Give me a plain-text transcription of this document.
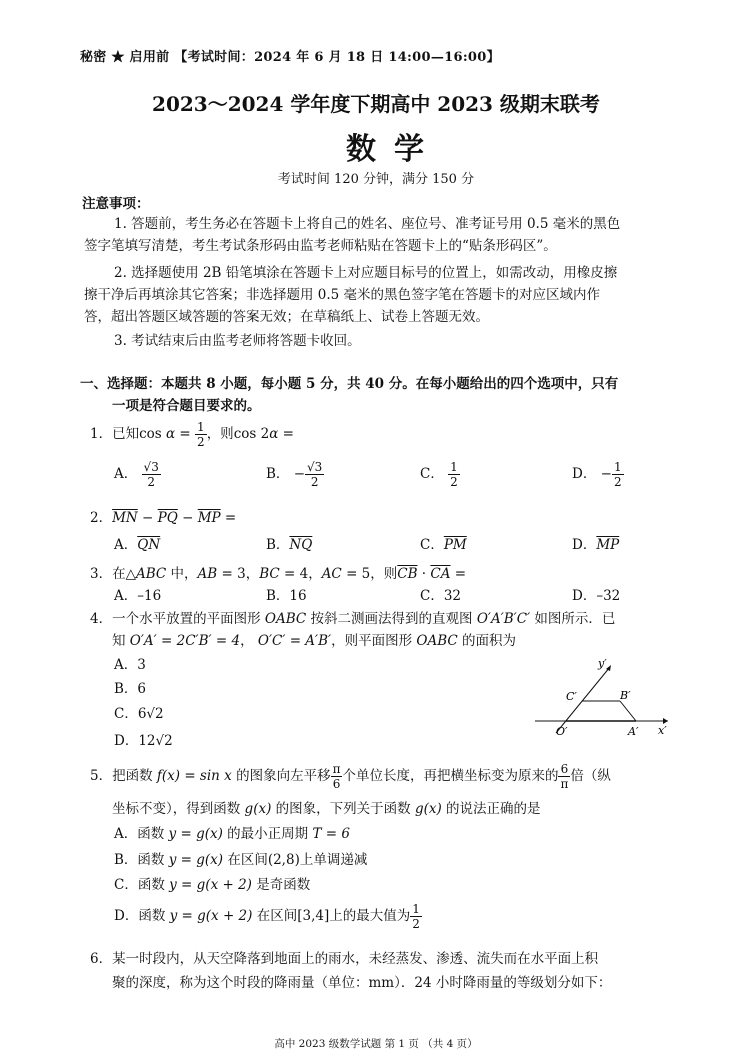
秘密 ★ 启用前 【考试时间：2024 年 6 月 18 日 14:00—16:00】
2023～2024 学年度下期高中 2023 级期末联考
数学
考试时间 120 分钟，满分 150 分
注意事项：
1. 答题前，考生务必在答题卡上将自己的姓名、座位号、准考证号用 0.5 毫米的黑色
签字笔填写清楚，考生考试条形码由监考老师粘贴在答题卡上的“贴条形码区”。
2. 选择题使用 2B 铅笔填涂在答题卡上对应题目标号的位置上，如需改动，用橡皮擦
擦干净后再填涂其它答案；非选择题用 0.5 毫米的黑色签字笔在答题卡的对应区域内作
答，超出答题区域答题的答案无效；在草稿纸上、试卷上答题无效。
3. 考试结束后由监考老师将答题卡收回。
一、选择题：本题共 8 小题，每小题 5 分，共 40 分。在每小题给出的四个选项中，只有
一项是符合题目要求的。
1．已知$\cos \alpha = \frac{1}{2}$ ，则cos 2α =
A． $\frac{√3}{2}$	B． − $\frac{√3}{2}$	C． $\frac{1}{2}$	D． − $\frac{1}{2}$
2．$\overline{MN} - \overline{PQ} - \overline{MP}$ =
A．$\overline{QN}$	B．$\overline{NQ}$	C．$\overline{PM}$	D．$\overline{MP}$
3．在△ABC 中，AB = 3，BC = 4，AC = 5，则$\overline{CB} \cdot \overline{CA}$ =
A．–16	B．16	C．32	D．–32
4．一个水平放置的平面图形 OABC 按斜二测画法得到的直观图 O′A′B′C′ 如图所示．已
知 O′A′ = 2C′B′ = 4， O′C′ = A′B′，则平面图形 OABC 的面积为
A．3
B．6
C．6√2
D．12√2
y′
x′
C′	B′
O′	A′
5．把函数 f(x) = sin x 的图象向左平移 $\frac{\pi}{6}$ 个单位长度，再把横坐标变为原来的 $\frac{6}{\pi}$ 倍（纵
坐标不变），得到函数 g(x) 的图象，下列关于函数 g(x) 的说法正确的是
A．函数 y = g(x) 的最小正周期 T = 6
B．函数 y = g(x) 在区间(2,8)上单调递减
C．函数 y = g(x + 2) 是奇函数
D．函数 y = g(x + 2) 在区间[3,4]上的最大值为 $\frac{1}{2}$
6．某一时段内，从天空降落到地面上的雨水，未经蒸发、渗透、流失而在水平面上积
聚的深度，称为这个时段的降雨量（单位：mm）．24 小时降雨量的等级划分如下：
高中 2023 级数学试题 第 1 页 （共 4 页）
